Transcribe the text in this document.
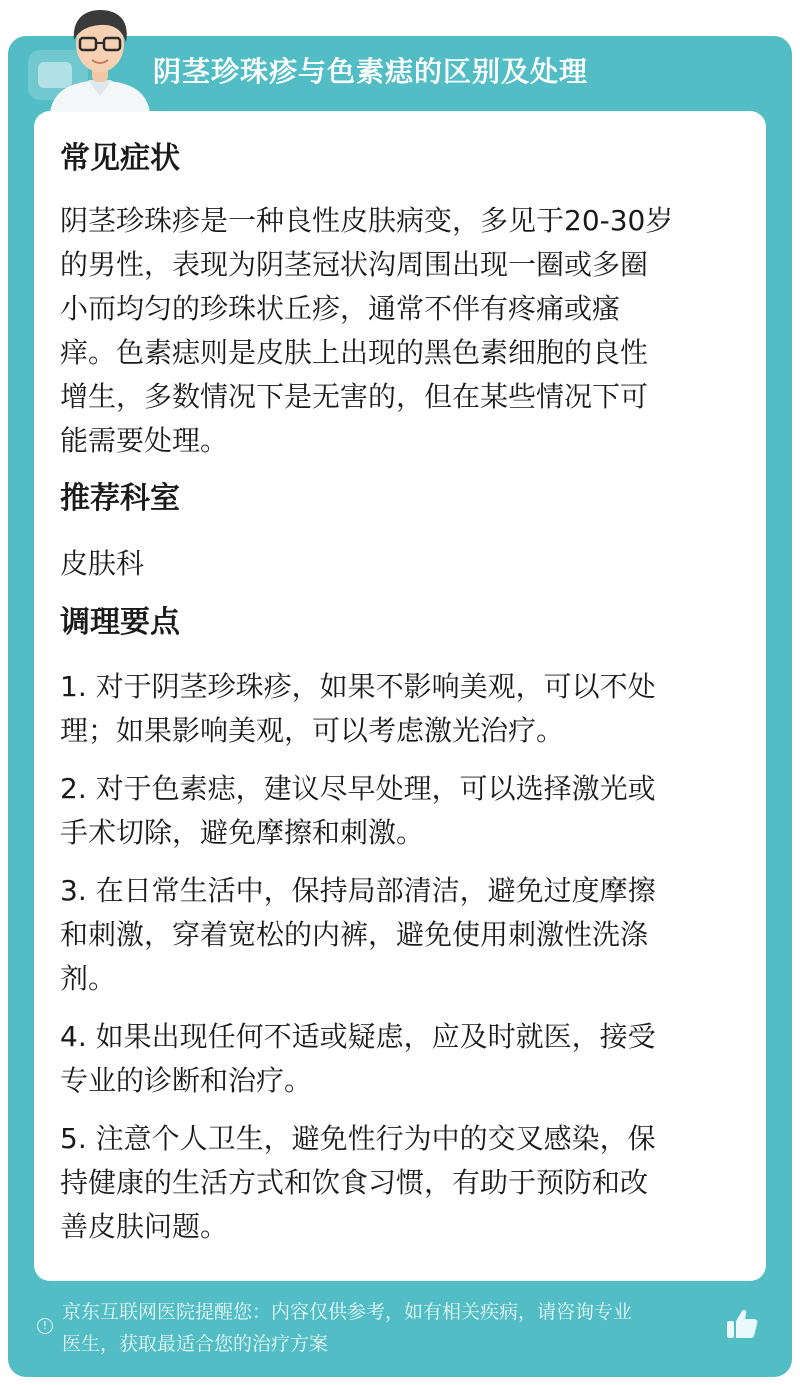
阴茎珍珠疹与色素痣的区别及处理
常见症状
阴茎珍珠疹是一种良性皮肤病变，多见于20-30岁
的男性，表现为阴茎冠状沟周围出现一圈或多圈
小而均匀的珍珠状丘疹，通常不伴有疼痛或瘙
痒。色素痣则是皮肤上出现的黑色素细胞的良性
增生，多数情况下是无害的，但在某些情况下可
能需要处理。
推荐科室
皮肤科
调理要点
1. 对于阴茎珍珠疹，如果不影响美观，可以不处
理；如果影响美观，可以考虑激光治疗。
2. 对于色素痣，建议尽早处理，可以选择激光或
手术切除，避免摩擦和刺激。
3. 在日常生活中，保持局部清洁，避免过度摩擦
和刺激，穿着宽松的内裤，避免使用刺激性洗涤
剂。
4. 如果出现任何不适或疑虑，应及时就医，接受
专业的诊断和治疗。
5. 注意个人卫生，避免性行为中的交叉感染，保
持健康的生活方式和饮食习惯，有助于预防和改
善皮肤问题。
!
京东互联网医院提醒您：内容仅供参考，如有相关疾病，请咨询专业
医生，获取最适合您的治疗方案
